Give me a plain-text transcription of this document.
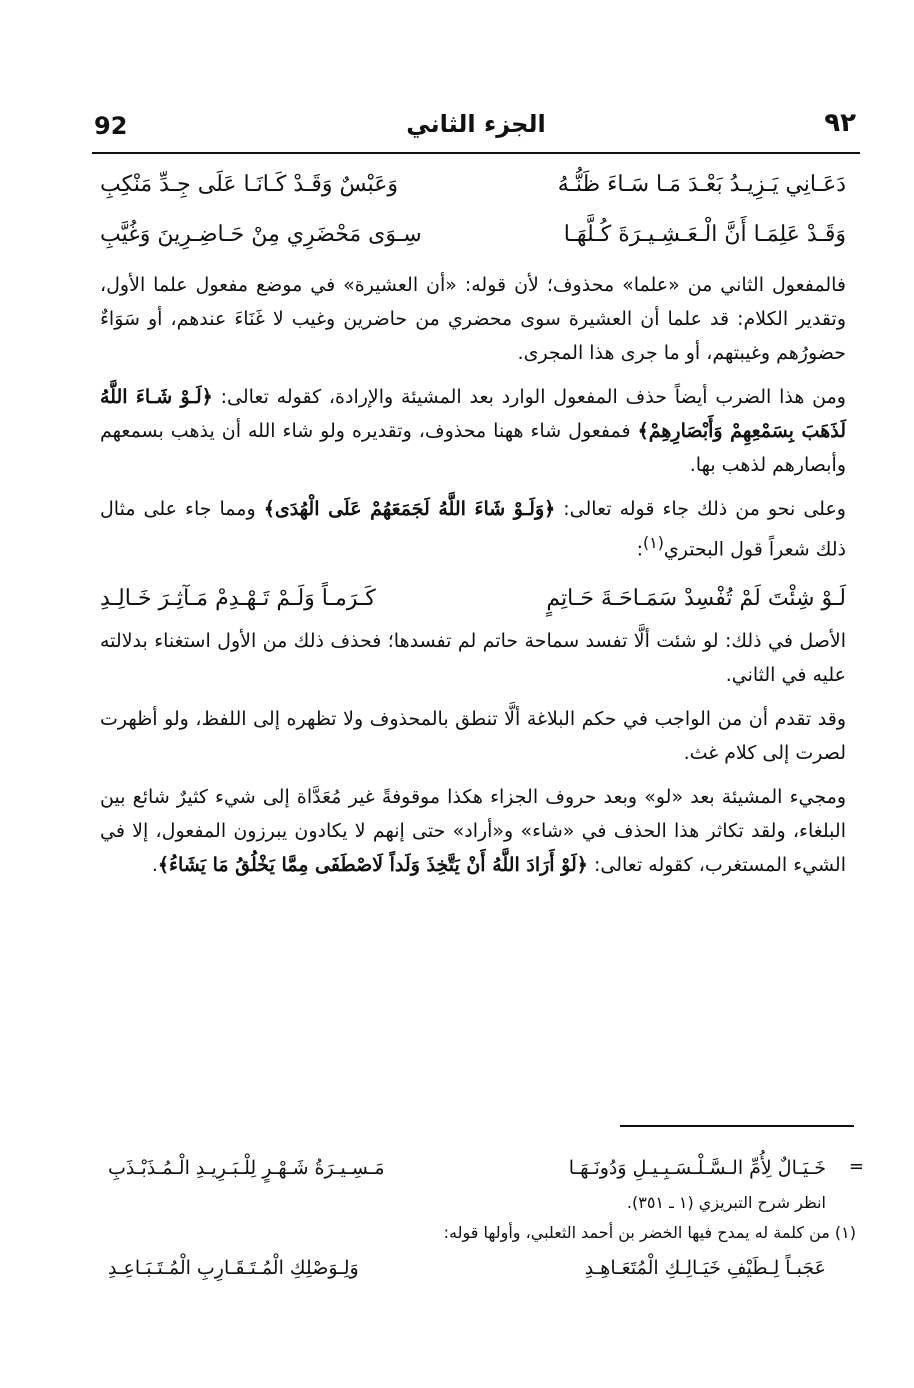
92	الجزء الثاني	٩٢
دَعَـانِي يَـزِيـدُ بَعْـدَ مَـا سَـاءَ ظَنُّـهُ
وَعَبْسٌ وَقَـدْ كَـانَـا عَلَى جِـدِّ مَنْكِبِ
وَقَـدْ عَلِمَـا أَنَّ الْـعَـشِـيـرَةَ كُـلَّهَـا
سِـوَى مَحْضَرِي مِنْ حَـاضِـرِينَ وَغُيَّبِ

فالمفعول الثاني من «علما» محذوف؛ لأن قوله: «أن العشيرة» في موضع مفعول علما الأول، وتقدير الكلام: قد علما أن العشيرة سوى محضري من حاضرين وغيب لا غَنَاءَ عندهم، أو سَوَاءٌ حضورُهم وغيبتهم، أو ما جرى هذا المجرى.

ومن هذا الضرب أيضاً حذف المفعول الوارد بعد المشيئة والإرادة، كقوله تعالى: ﴿لَـوْ شَـاءَ اللَّهُ لَذَهَبَ بِسَمْعِهِمْ وَأَبْصَارِهِمْ﴾ فمفعول شاء ههنا محذوف، وتقديره ولو شاء الله أن يذهب بسمعهم وأبصارهم لذهب بها.

وعلى نحو من ذلك جاء قوله تعالى: ﴿وَلَـوْ شَاءَ اللَّهُ لَجَمَعَهُمْ عَلَى الْهُدَى﴾ ومما جاء على مثال ذلك شعراً قول البحتري$^{(١)}$:

لَـوْ شِئْتَ لَمْ تُفْسِدْ سَمَـاحَـةَ حَـاتِمٍ
كَـرَمـاً وَلَـمْ تَـهْـدِمْ مَـآثِـرَ خَـالِـدِ

الأصل في ذلك: لو شئت ألَّا تفسد سماحة حاتم لم تفسدها؛ فحذف ذلك من الأول استغناء بدلالته عليه في الثاني.

وقد تقدم أن من الواجب في حكم البلاغة ألَّا تنطق بالمحذوف ولا تظهره إلى اللفظ، ولو أظهرت لصرت إلى كلام غث.

ومجيء المشيئة بعد «لو» وبعد حروف الجزاء هكذا موقوفةً غير مُعَدَّاة إلى شيء كثيرٌ شائع بين البلغاء، ولقد تكاثر هذا الحذف في «شاء» و«أراد» حتى إنهم لا يكادون يبرزون المفعول، إلا في الشيء المستغرب، كقوله تعالى: ﴿لَوْ أَرَادَ اللَّهُ أَنْ يَتَّخِذَ وَلَداً لَاصْطَفَى مِمَّا يَخْلُقُ مَا يَشَاءُ﴾.

=
خَـيَـالٌ لِأُمِّ الـسَّـلْـسَـبِـيـلِ وَدُونَـهَـا
مَـسِـيـرَةُ شَـهْـرٍ لِلْـبَـرِيـدِ الْـمُـذَبْـذَبِ
انظر شرح التبريزي (١ ـ ٣٥١).
(١) من كلمة له يمدح فيها الخضر بن أحمد الثعلبي، وأولها قوله:
عَجَبـاً لِـطَيْفِ خَيَـالِـكِ الْمُتَعَـاهِـدِ
وَلِـوَصْلِكِ الْمُـتَـقَـارِبِ الْمُـتَـبَـاعِـدِ
